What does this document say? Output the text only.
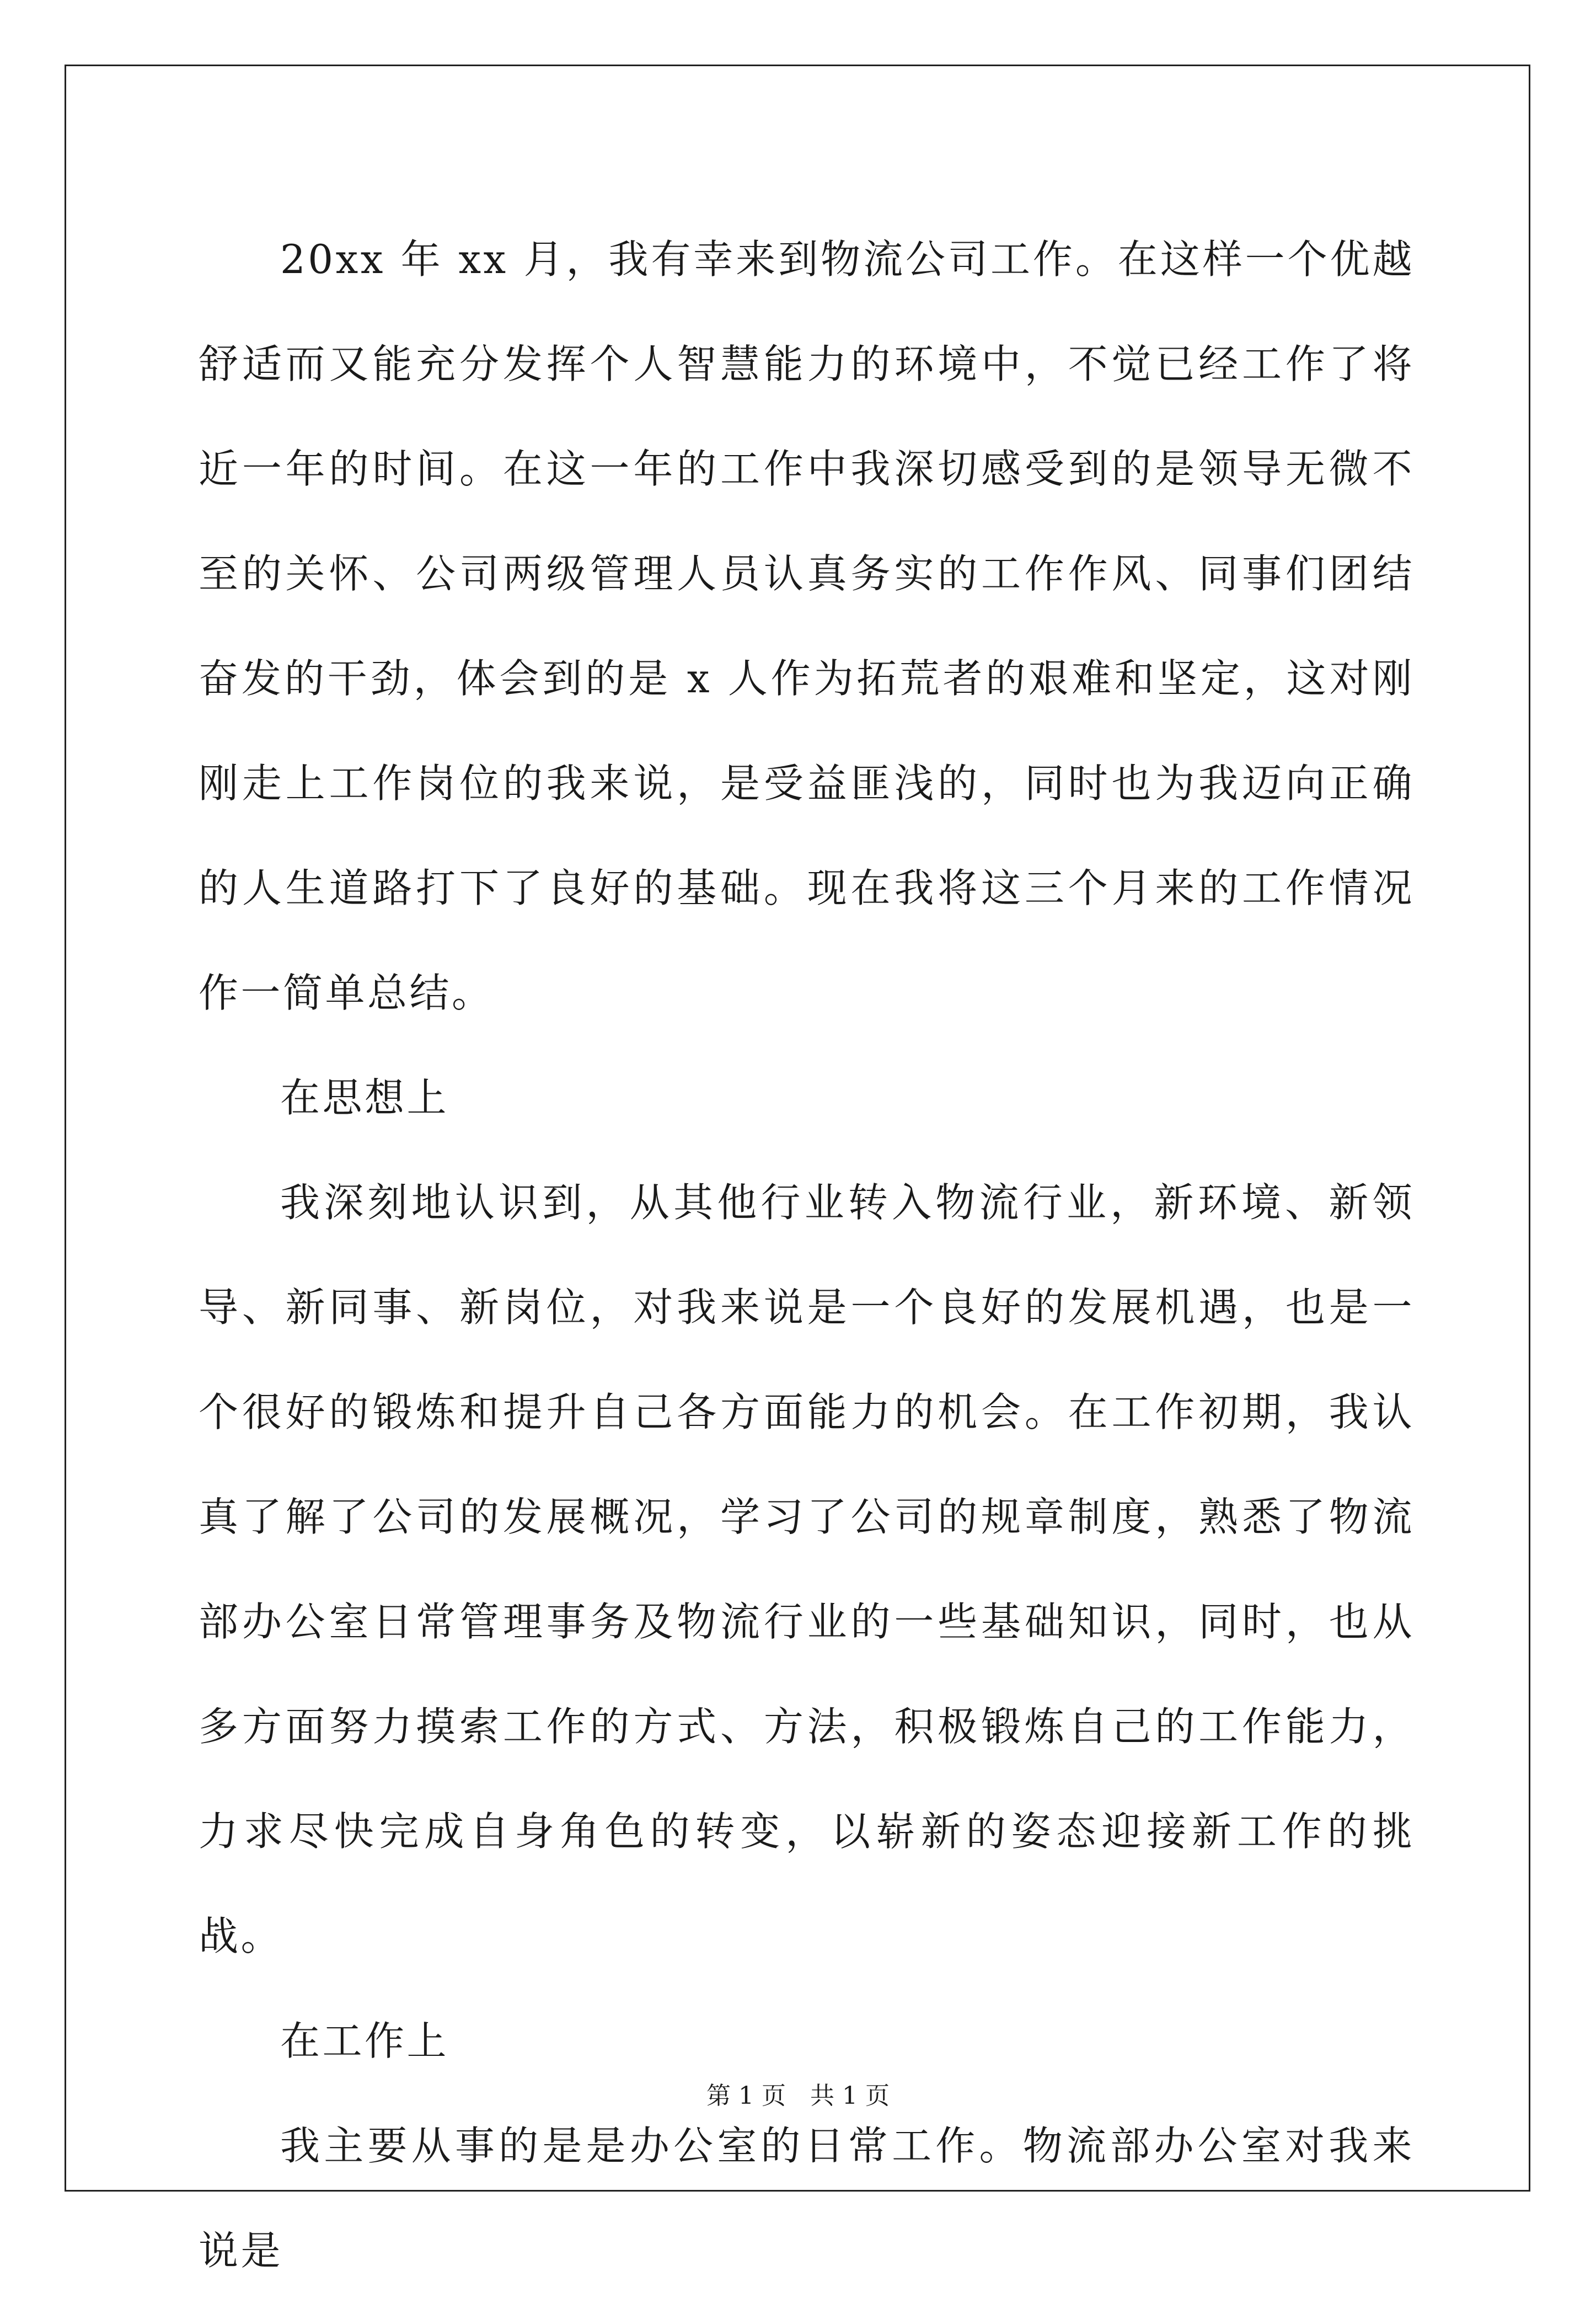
20xx 年 xx 月，我有幸来到物流公司工作。在这样一个优越舒适而又能充分发挥个人智慧能力的环境中，不觉已经工作了将近一年的时间。在这一年的工作中我深切感受到的是领导无微不至的关怀、公司两级管理人员认真务实的工作作风、同事们团结奋发的干劲，体会到的是 x 人作为拓荒者的艰难和坚定，这对刚刚走上工作岗位的我来说，是受益匪浅的，同时也为我迈向正确的人生道路打下了良好的基础。现在我将这三个月来的工作情况作一简单总结。

在思想上

我深刻地认识到，从其他行业转入物流行业，新环境、新领导、新同事、新岗位，对我来说是一个良好的发展机遇，也是一个很好的锻炼和提升自己各方面能力的机会。在工作初期，我认真了解了公司的发展概况，学习了公司的规章制度，熟悉了物流部办公室日常管理事务及物流行业的一些基础知识，同时，也从多方面努力摸索工作的方式、方法，积极锻炼自己的工作能力，力求尽快完成自身角色的转变，以崭新的姿态迎接新工作的挑战。

在工作上

我主要从事的是是办公室的日常工作。物流部办公室对我来说是

第 1 页　共 1 页
